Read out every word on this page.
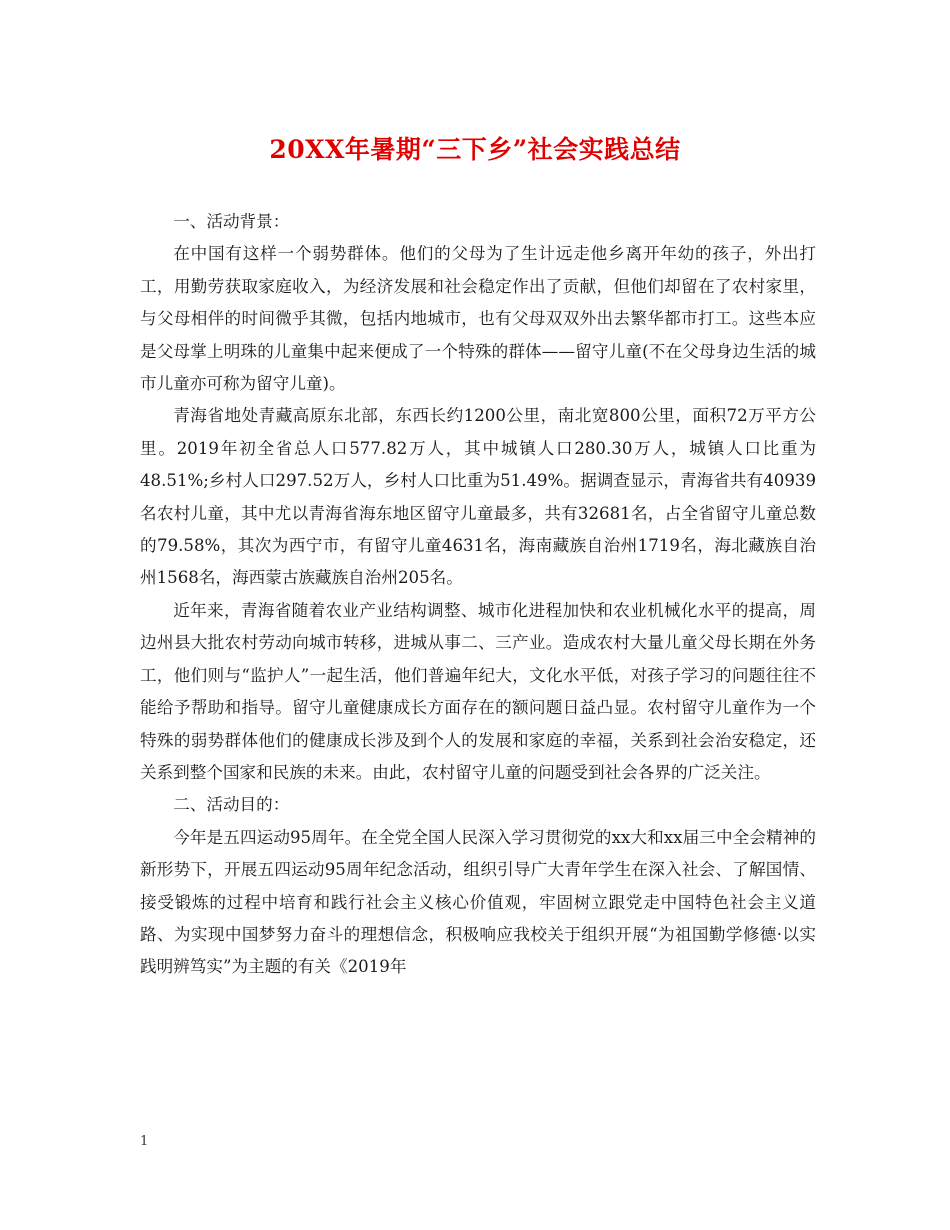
20XX年暑期“三下乡”社会实践总结

一、活动背景：

在中国有这样一个弱势群体。他们的父母为了生计远走他乡离开年幼的孩子，外出打工，用勤劳获取家庭收入，为经济发展和社会稳定作出了贡献，但他们却留在了农村家里，与父母相伴的时间微乎其微，包括内地城市，也有父母双双外出去繁华都市打工。这些本应是父母掌上明珠的儿童集中起来便成了一个特殊的群体——留守儿童(不在父母身边生活的城市儿童亦可称为留守儿童)。

青海省地处青藏高原东北部，东西长约1200公里，南北宽800公里，面积72万平方公里。2019年初全省总人口577.82万人，其中城镇人口280.30万人，城镇人口比重为48.51%;乡村人口297.52万人，乡村人口比重为51.49%。据调查显示，青海省共有40939名农村儿童，其中尤以青海省海东地区留守儿童最多，共有32681名，占全省留守儿童总数的79.58%，其次为西宁市，有留守儿童4631名，海南藏族自治州1719名，海北藏族自治州1568名，海西蒙古族藏族自治州205名。

近年来，青海省随着农业产业结构调整、城市化进程加快和农业机械化水平的提高，周边州县大批农村劳动向城市转移，进城从事二、三产业。造成农村大量儿童父母长期在外务工，他们则与“监护人”一起生活，他们普遍年纪大，文化水平低，对孩子学习的问题往往不能给予帮助和指导。留守儿童健康成长方面存在的额问题日益凸显。农村留守儿童作为一个特殊的弱势群体他们的健康成长涉及到个人的发展和家庭的幸福，关系到社会治安稳定，还关系到整个国家和民族的未来。由此，农村留守儿童的问题受到社会各界的广泛关注。

二、活动目的：

今年是五四运动95周年。在全党全国人民深入学习贯彻党的xx大和xx届三中全会精神的新形势下，开展五四运动95周年纪念活动，组织引导广大青年学生在深入社会、了解国情、接受锻炼的过程中培育和践行社会主义核心价值观，牢固树立跟党走中国特色社会主义道路、为实现中国梦努力奋斗的理想信念，积极响应我校关于组织开展“为祖国勤学修德·以实践明辨笃实”为主题的有关《2019年

1
